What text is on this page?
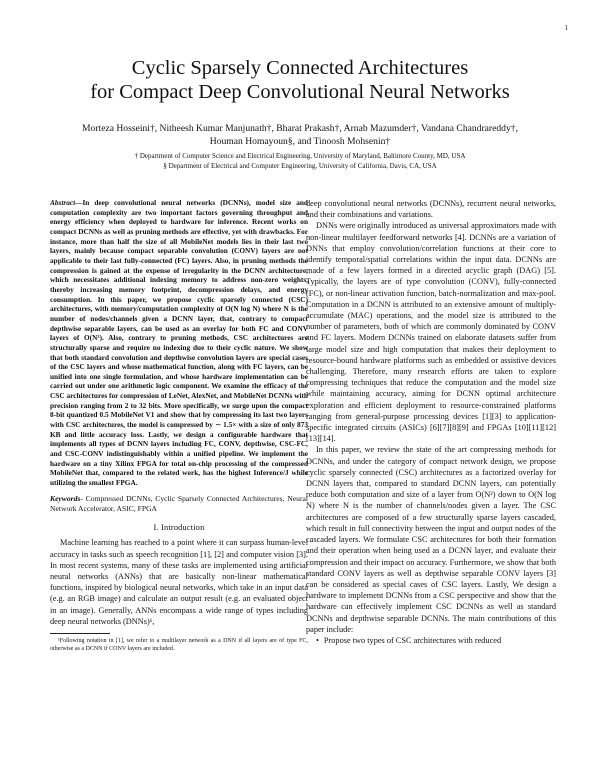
1
Cyclic Sparsely Connected Architectures
for Compact Deep Convolutional Neural Networks
Morteza Hosseini†, Nitheesh Kumar Manjunath†, Bharat Prakash†, Arnab Mazumder†, Vandana Chandrareddy†,
Houman Homayoun§, and Tinoosh Mohsenin†
† Department of Computer Science and Electrical Engineering, University of Maryland, Baltimore County, MD, USA
§ Department of Electrical and Computer Engineering, University of California, Davis, CA, USA

Abstract—In deep convolutional neural networks (DCNNs), model size and computation complexity are two important factors governing throughput and energy efficiency when deployed to hardware for inference. Recent works on compact DCNNs as well as pruning methods are effective, yet with drawbacks. For instance, more than half the size of all MobileNet models lies in their last two layers, mainly because compact separable convolution (CONV) layers are not applicable to their last fully-connected (FC) layers. Also, in pruning methods the compression is gained at the expense of irregularity in the DCNN architecture, which necessitates additional indexing memory to address non-zero weights, thereby increasing memory footprint, decompression delays, and energy consumption. In this paper, we propose cyclic sparsely connected (CSC) architectures, with memory/computation complexity of O(N log N) where N is the number of nodes/channels given a DCNN layer, that, contrary to compact depthwise separable layers, can be used as an overlay for both FC and CONV layers of O(N²). Also, contrary to pruning methods, CSC architectures are structurally sparse and require no indexing due to their cyclic nature. We show that both standard convolution and depthwise convolution layers are special cases of the CSC layers and whose mathematical function, along with FC layers, can be unified into one single formulation, and whose hardware implementation can be carried out under one arithmetic logic component. We examine the efficacy of the CSC architectures for compression of LeNet, AlexNet, and MobileNet DCNNs with precision ranging from 2 to 32 bits. More specifically, we surge upon the compact 8-bit quantized 0.5 MobileNet V1 and show that by compressing its last two layers with CSC architectures, the model is compressed by ∼ 1.5× with a size of only 873 KB and little accuracy loss. Lastly, we design a configurable hardware that implements all types of DCNN layers including FC, CONV, depthwise, CSC-FC, and CSC-CONV indistinguishably within a unified pipeline. We implement the hardware on a tiny Xilinx FPGA for total on-chip processing of the compressed MobileNet that, compared to the related work, has the highest Inference/J while utilizing the smallest FPGA.

Keywords- Compressed DCNNs, Cyclic Sparsely Connected Architectures, Neural Network Accelerator, ASIC, FPGA

I. Introduction

Machine learning has reached to a point where it can surpass human-level accuracy in tasks such as speech recognition [1], [2] and computer vision [3]. In most recent systems, many of these tasks are implemented using artificial neural networks (ANNs) that are basically non-linear mathematical functions, inspired by biological neural networks, which take in an input data (e.g. an RGB image) and calculate an output result (e.g. an evaluated object in an image). Generally, ANNs encompass a wide range of types including deep neural networks (DNNs)¹,

¹Following notation in [1], we refer to a multilayer network as a DNN if all layers are of type FC, otherwise as a DCNN if CONV layers are included.

deep convolutional neural networks (DCNNs), recurrent neural networks, and their combinations and variations.

DNNs were originally introduced as universal approximators made with non-linear multilayer feedforward networks [4]. DCNNs are a variation of DNNs that employ convolution/correlation functions at their core to identify temporal/spatial correlations within the input data. DCNNs are made of a few layers formed in a directed acyclic graph (DAG) [5]. Typically, the layers are of type convolution (CONV), fully-connected (FC), or non-linear activation function, batch-normalization and max-pool. Computation in a DCNN is attributed to an extensive amount of multiply-accumulate (MAC) operations, and the model size is attributed to the number of parameters, both of which are commonly dominated by CONV and FC layers. Modern DCNNs trained on elaborate datasets suffer from large model size and high computation that makes their deployment to resource-bound hardware platforms such as embedded or assistive devices challenging. Therefore, many research efforts are taken to explore compressing techniques that reduce the computation and the model size while maintaining accuracy, aiming for DCNN optimal architecture exploration and efficient deployment to resource-constrained platforms ranging from general-purpose processing devices [1][3] to application-specific integrated circuits (ASICs) [6][7][8][9] and FPGAs [10][11][12][13][14].

In this paper, we review the state of the art compressing methods for DCNNs, and under the category of compact network design, we propose cyclic sparsely connected (CSC) architectures as a factorized overlay for DCNN layers that, compared to standard DCNN layers, can potentially reduce both computation and size of a layer from O(N²) down to O(N log N) where N is the number of channels/nodes given a layer. The CSC architectures are composed of a few structurally sparse layers cascaded, which result in full connectivity between the input and output nodes of the cascaded layers. We formulate CSC architectures for both their formation and their operation when being used as a DCNN layer, and evaluate their compression and their impact on accuracy. Furthermore, we show that both standard CONV layers as well as depthwise separable CONV layers [3] can be considered as special cases of CSC layers. Lastly, We design a hardware to implement DCNNs from a CSC perspective and show that the hardware can effectively implement CSC DCNNs as well as standard DCNNs and depthwise separable DCNNs. The main contributions of this paper include:

• Propose two types of CSC architectures with reduced
